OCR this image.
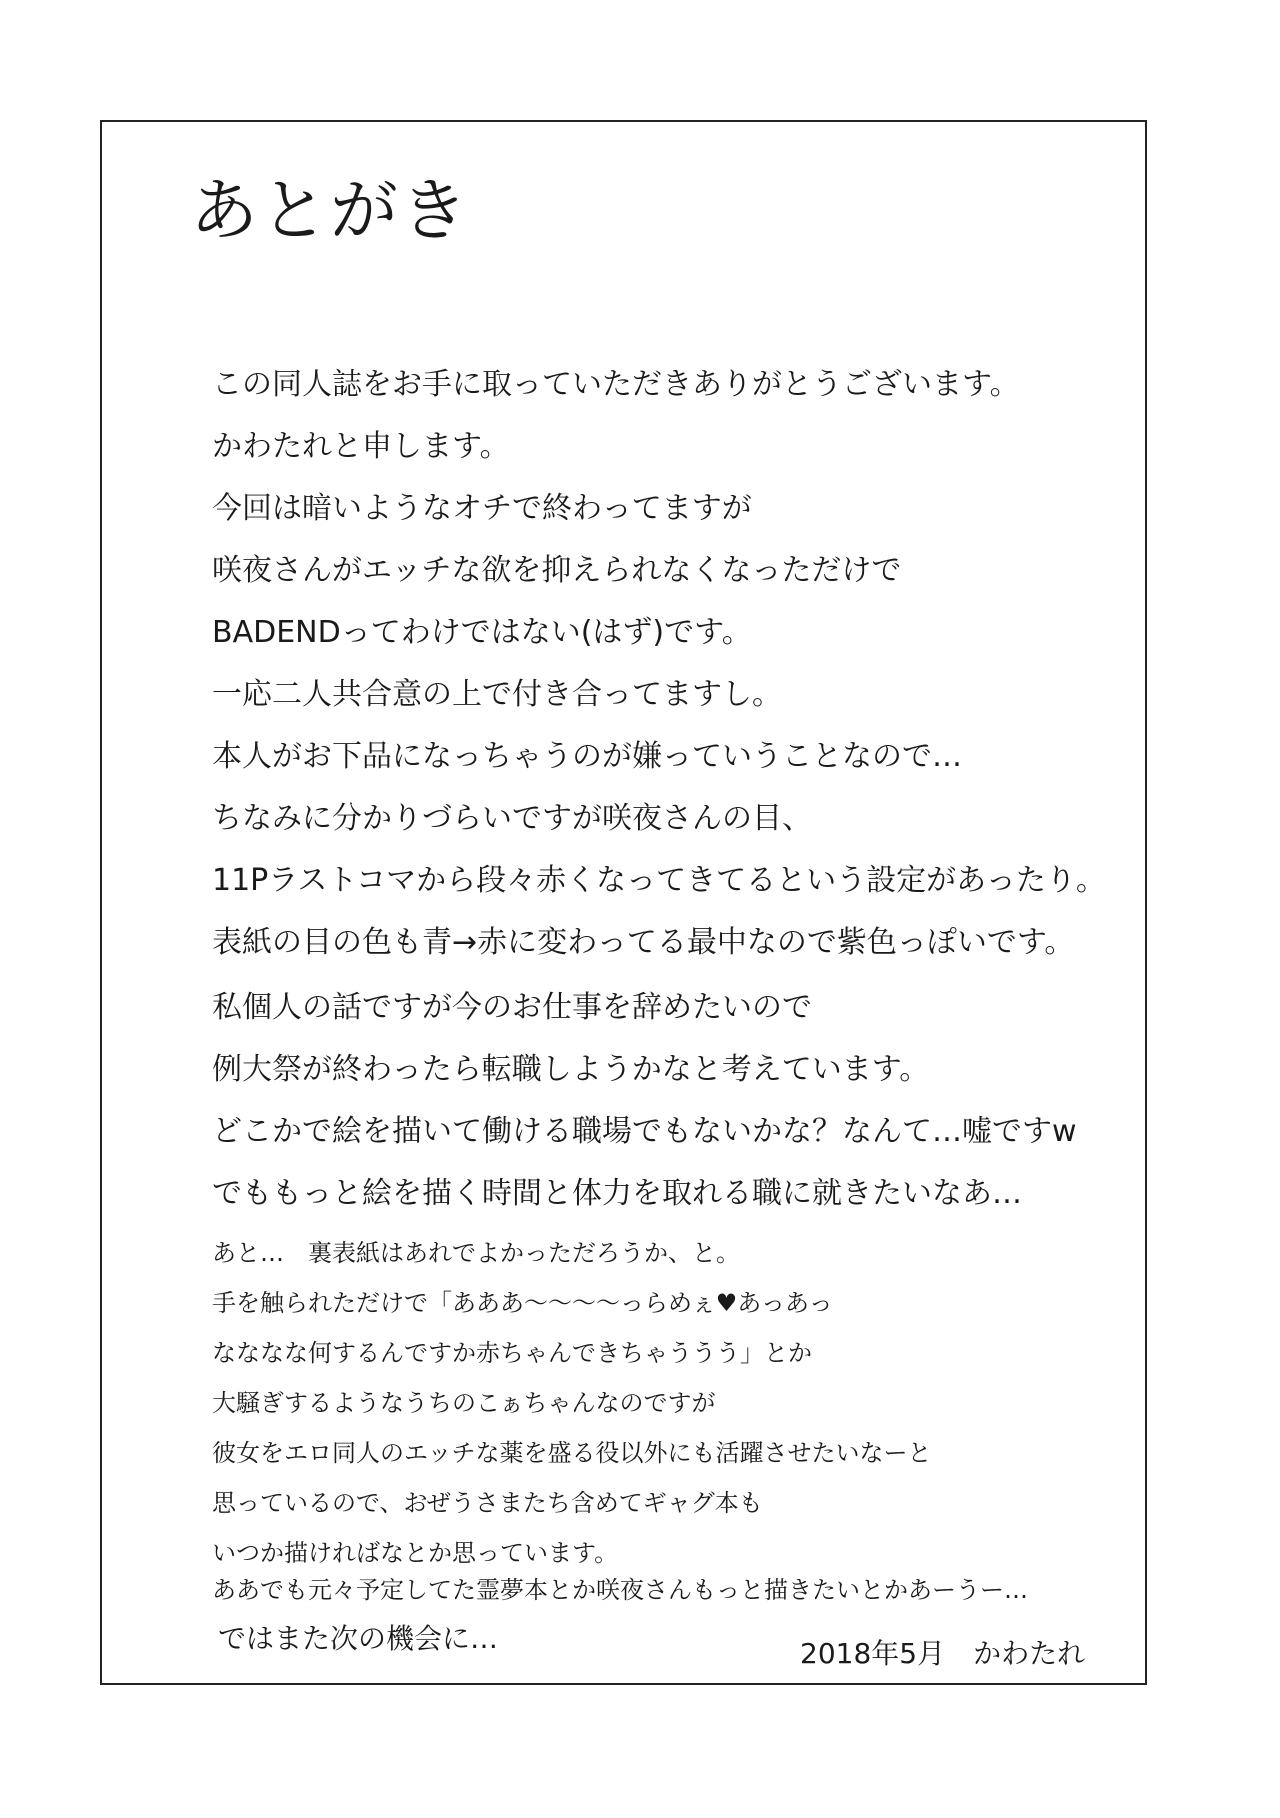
あとがき

この同人誌をお手に取っていただきありがとうございます。

かわたれと申します。

今回は暗いようなオチで終わってますが

咲夜さんがエッチな欲を抑えられなくなっただけで

BADENDってわけではない(はず)です。

一応二人共合意の上で付き合ってますし。

本人がお下品になっちゃうのが嫌っていうことなので…

ちなみに分かりづらいですが咲夜さんの目、

11Pラストコマから段々赤くなってきてるという設定があったり。

表紙の目の色も青→赤に変わってる最中なので紫色っぽいです。

私個人の話ですが今のお仕事を辞めたいので

例大祭が終わったら転職しようかなと考えています。

どこかで絵を描いて働ける職場でもないかな？なんて…嘘ですw

でももっと絵を描く時間と体力を取れる職に就きたいなあ…

あと…　裏表紙はあれでよかっただろうか、と。

手を触られただけで「あああ～～～～っらめぇ♥あっあっ

なななな何するんですか赤ちゃんできちゃううう」とか

大騒ぎするようなうちのこぁちゃんなのですが

彼女をエロ同人のエッチな薬を盛る役以外にも活躍させたいなーと

思っているので、おぜうさまたち含めてギャグ本も

いつか描ければなとか思っています。

ああでも元々予定してた霊夢本とか咲夜さんもっと描きたいとかあーうー…

ではまた次の機会に…	2018年5月　かわたれ
